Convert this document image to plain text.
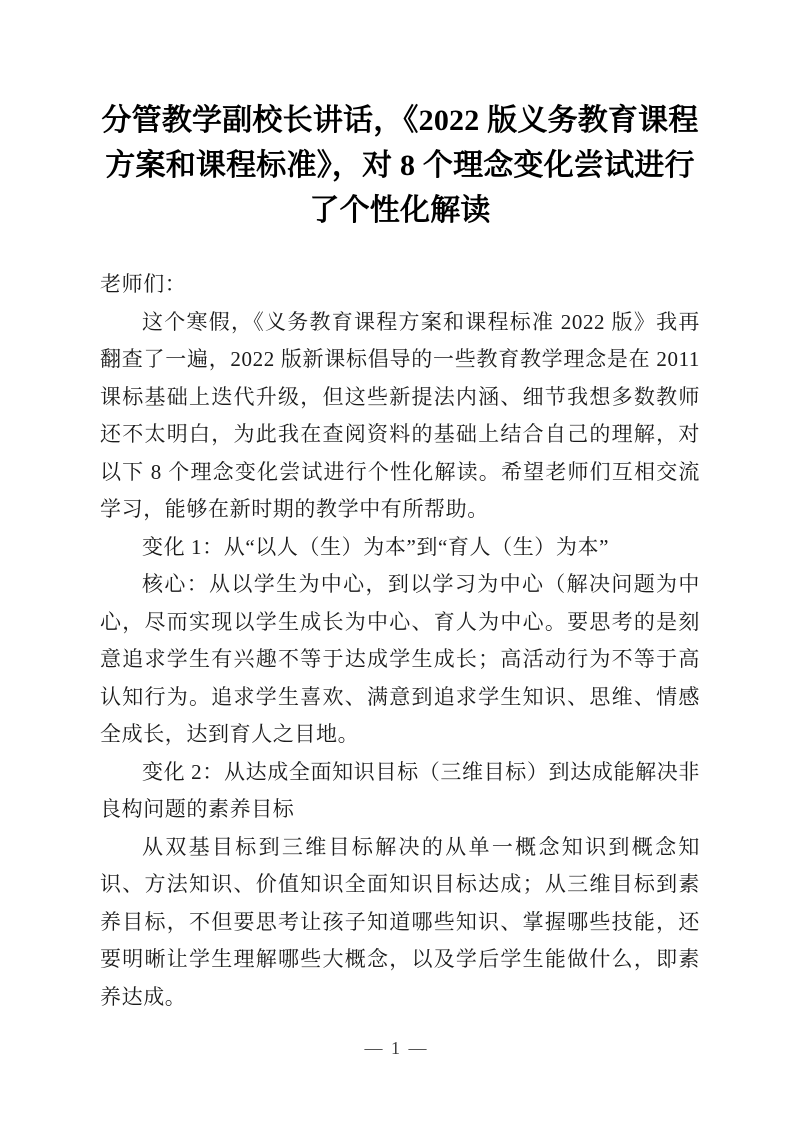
分管教学副校长讲话，《2022 版义务教育课程方案和课程标准》，对 8 个理念变化尝试进行了个性化解读

老师们：

这个寒假，《义务教育课程方案和课程标准 2022 版》我再翻查了一遍，2022 版新课标倡导的一些教育教学理念是在 2011 课标基础上迭代升级，但这些新提法内涵、细节我想多数教师还不太明白，为此我在查阅资料的基础上结合自己的理解，对以下 8 个理念变化尝试进行个性化解读。希望老师们互相交流学习，能够在新时期的教学中有所帮助。

变化 1：从“以人（生）为本”到“育人（生）为本”

核心：从以学生为中心，到以学习为中心（解决问题为中心，尽而实现以学生成长为中心、育人为中心。要思考的是刻意追求学生有兴趣不等于达成学生成长；高活动行为不等于高认知行为。追求学生喜欢、满意到追求学生知识、思维、情感全成长，达到育人之目地。

变化 2：从达成全面知识目标（三维目标）到达成能解决非良构问题的素养目标

从双基目标到三维目标解决的从单一概念知识到概念知识、方法知识、价值知识全面知识目标达成；从三维目标到素养目标，不但要思考让孩子知道哪些知识、掌握哪些技能，还要明晰让学生理解哪些大概念，以及学后学生能做什么，即素养达成。

— 1 —
